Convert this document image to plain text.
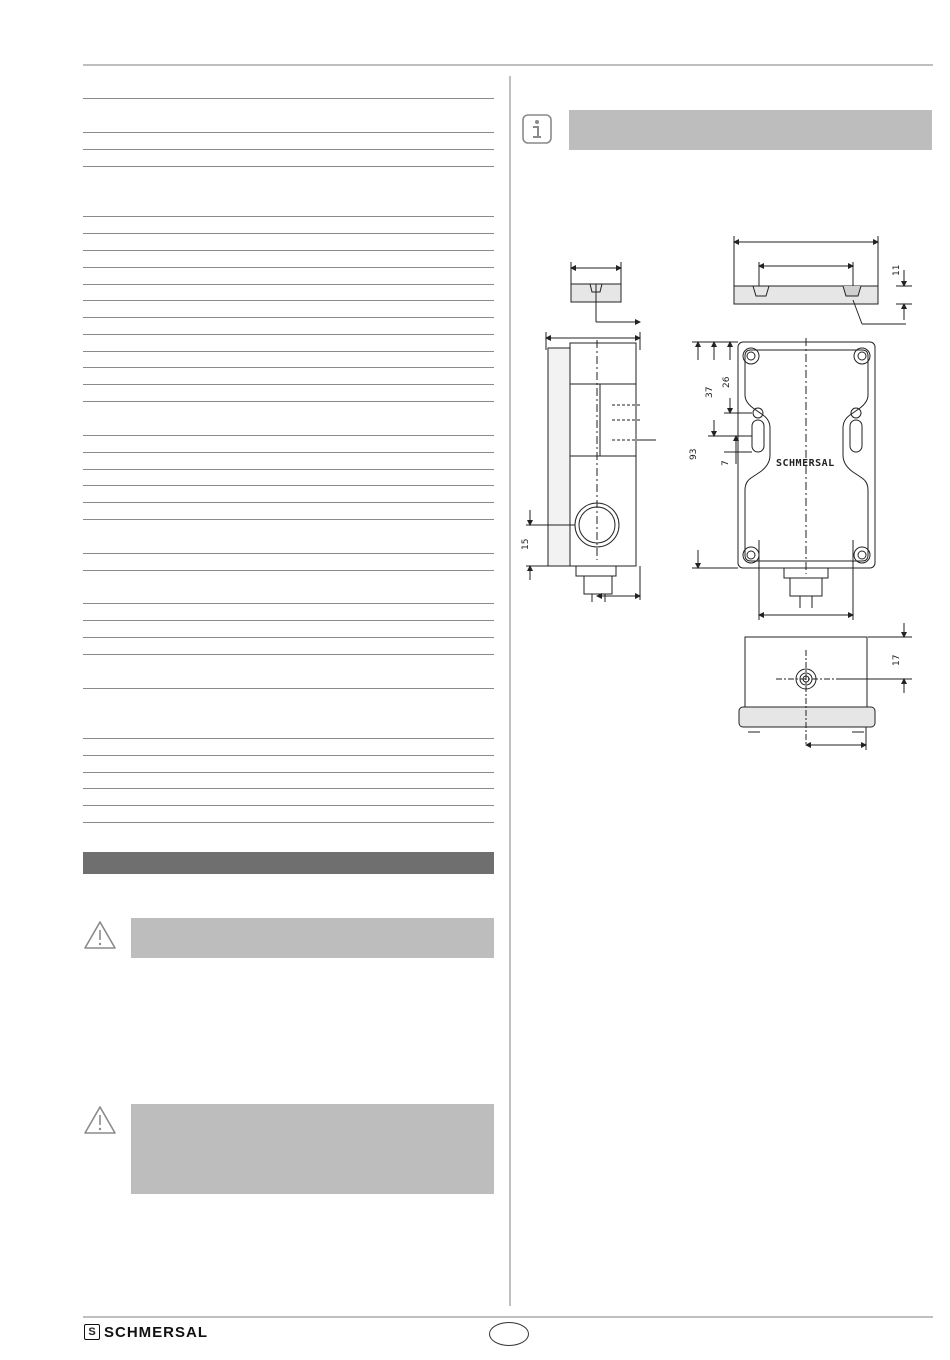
11
26
37
93
7
15
17
SCHMERSAL
S SCHMERSAL
